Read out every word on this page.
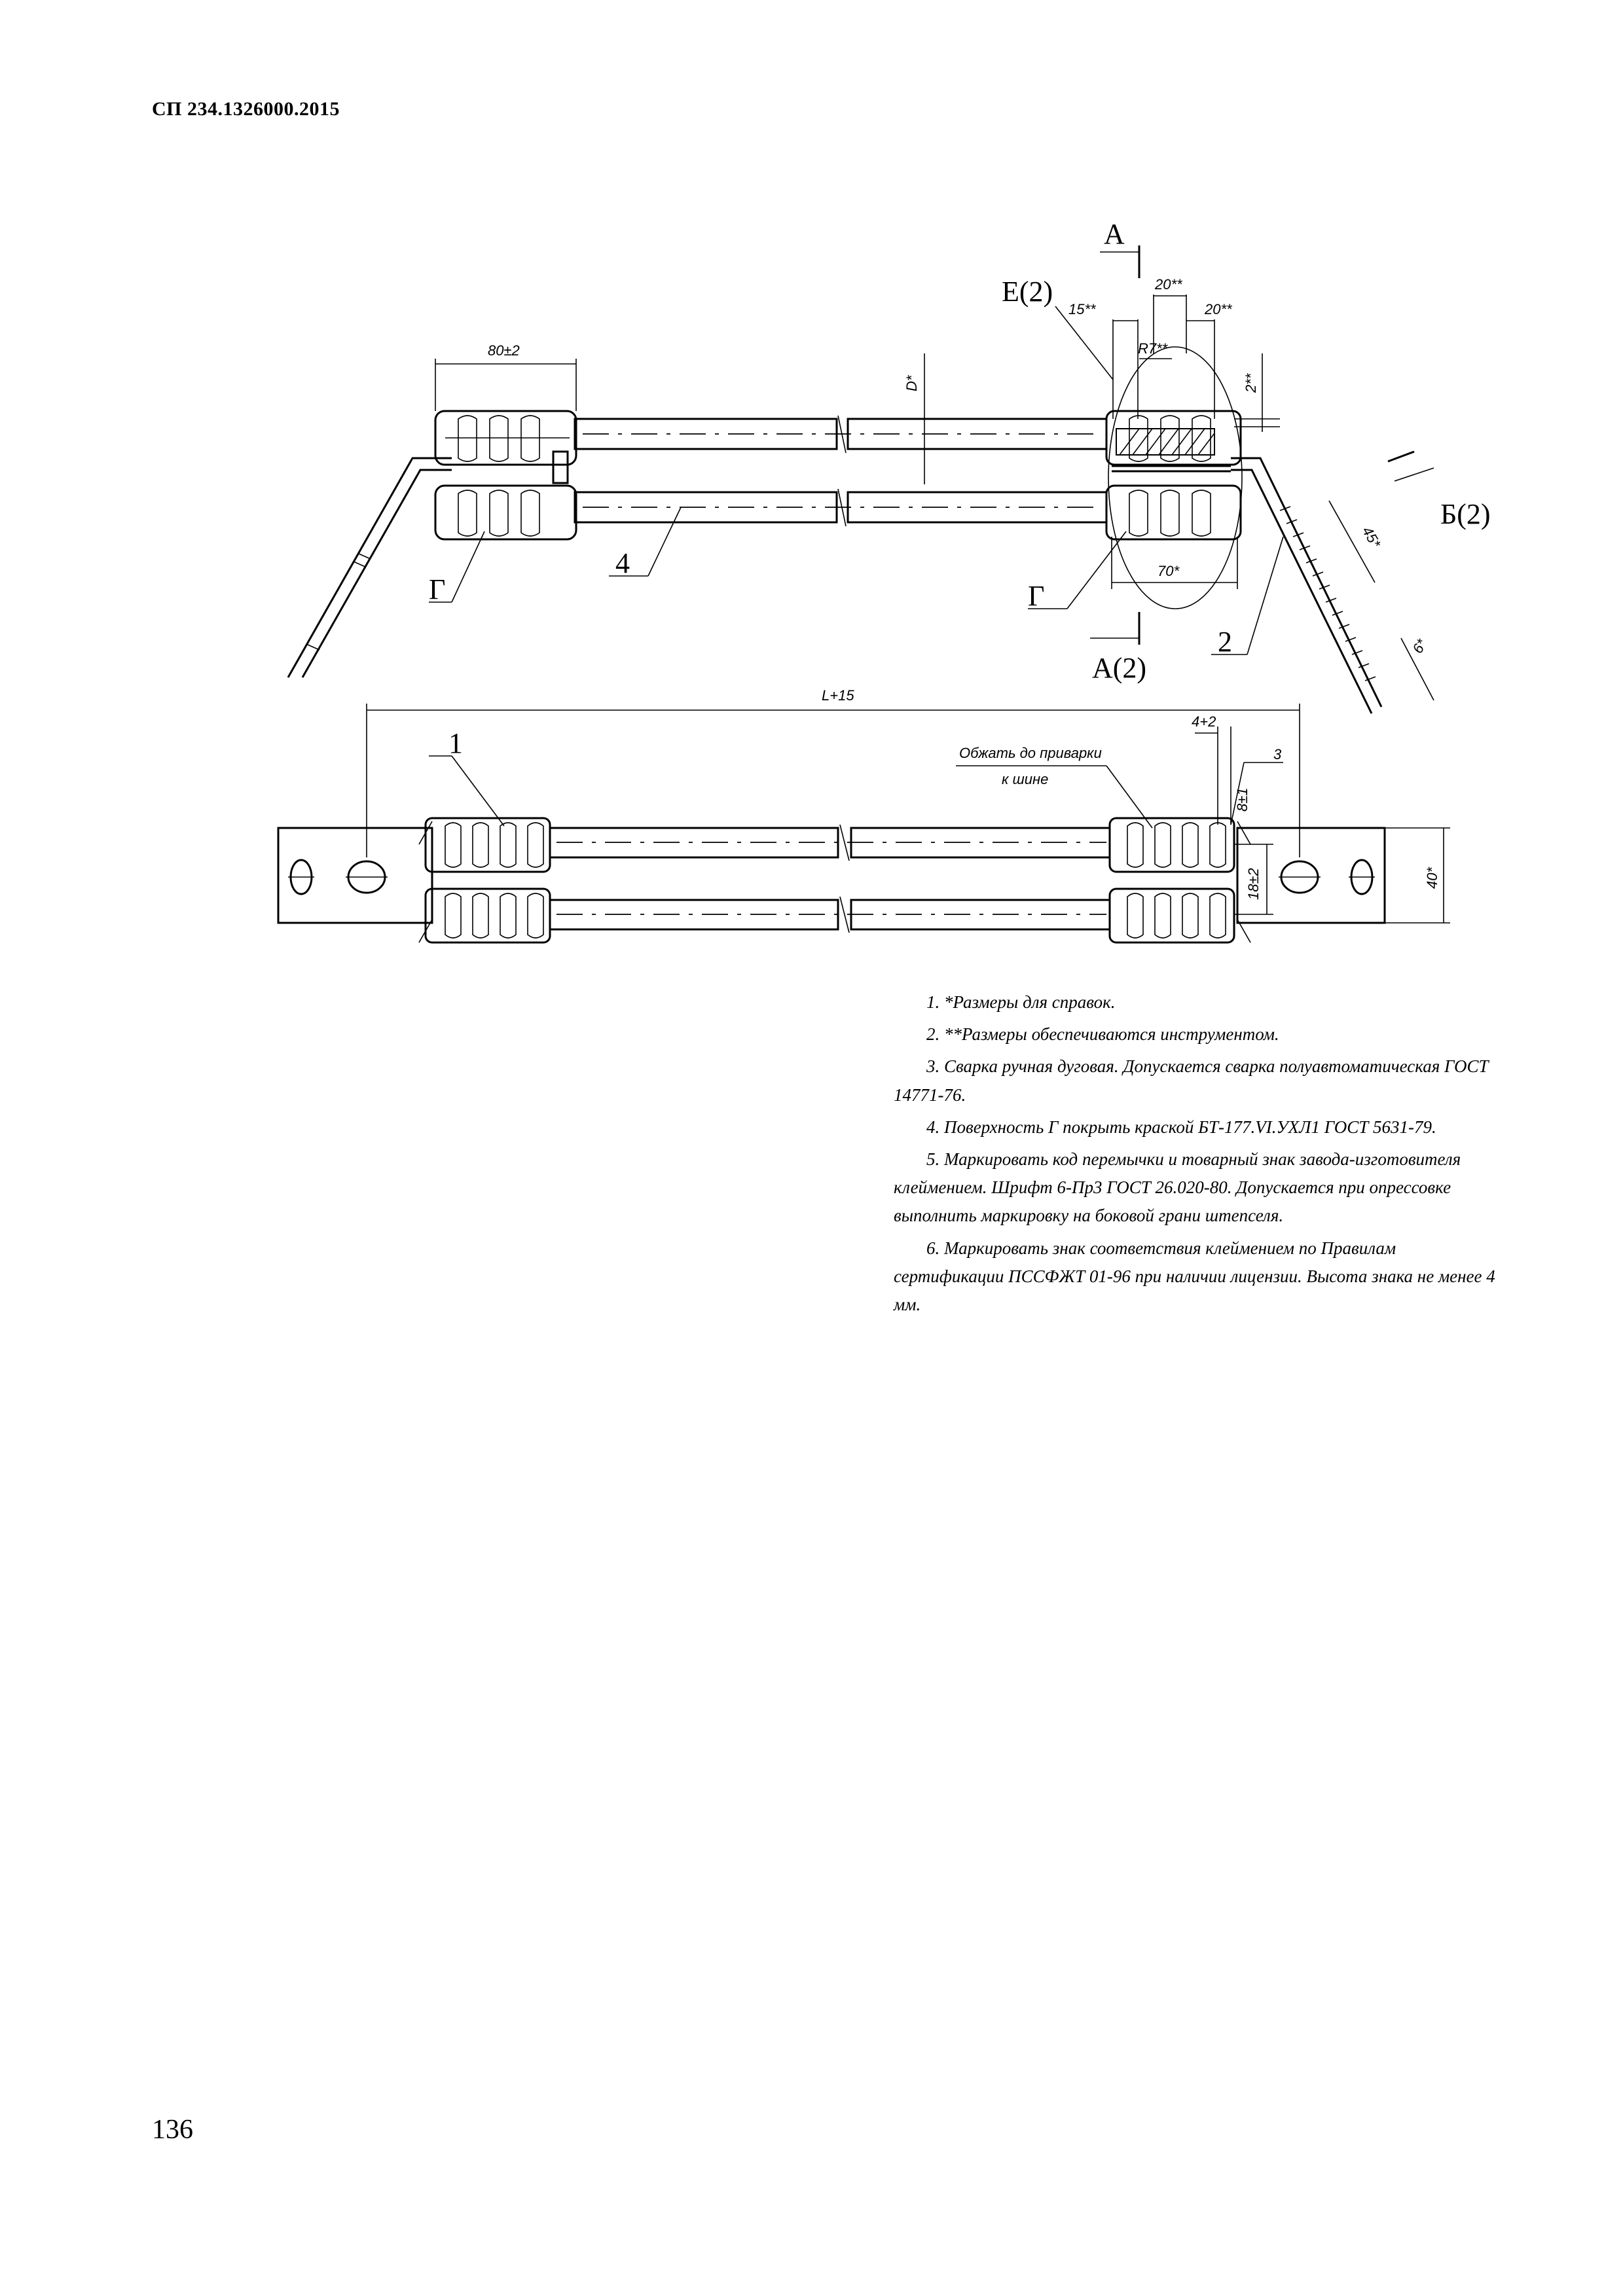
СП 234.1326000.2015
80±2
D*
А
А(2)
Е(2)
15**
20**
20**
R7**
2**
70*
Г
4
Г
2
Б(2)
45*
6*
L+15
1	Обжать до приварки
к шине
4+2
3
8±1
18±2	40*

1. *Размеры для справок.

2. **Размеры обеспечиваются инструментом.

3. Сварка ручная дуговая. Допускается сварка полуавтоматическая ГОСТ 14771-76.

4. Поверхность Г покрыть краской БТ-177.VI.УХЛ1 ГОСТ 5631-79.

5. Маркировать код перемычки и товарный знак завода-изготовителя клеймением. Шрифт 6-Пр3 ГОСТ 26.020-80. Допускается при опрессовке выполнить маркировку на боковой грани штепселя.

6. Маркировать знак соответствия клеймением по Правилам сертификации ПССФЖТ 01-96 при наличии лицензии. Высота знака не менее 4 мм.

136
